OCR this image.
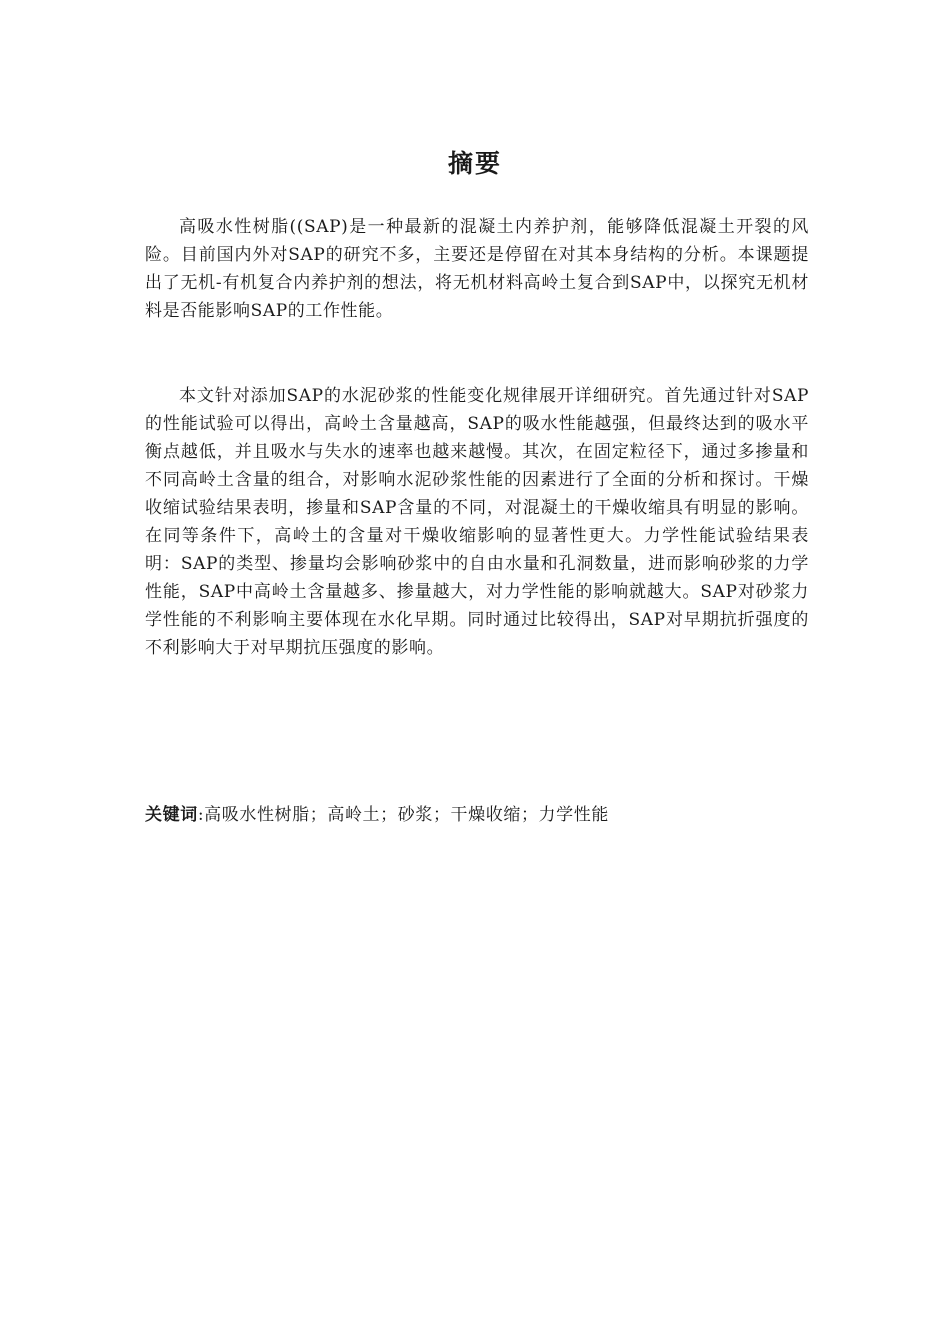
摘要

高吸水性树脂((SAP)是一种最新的混凝土内养护剂，能够降低混凝土开裂的风险。目前国内外对SAP的研究不多，主要还是停留在对其本身结构的分析。本课题提出了无机-有机复合内养护剂的想法，将无机材料高岭土复合到SAP中，以探究无机材料是否能影响SAP的工作性能。

本文针对添加SAP的水泥砂浆的性能变化规律展开详细研究。首先通过针对SAP的性能试验可以得出，高岭土含量越高，SAP的吸水性能越强，但最终达到的吸水平衡点越低，并且吸水与失水的速率也越来越慢。其次，在固定粒径下，通过多掺量和不同高岭土含量的组合，对影响水泥砂浆性能的因素进行了全面的分析和探讨。干燥收缩试验结果表明，掺量和SAP含量的不同，对混凝土的干燥收缩具有明显的影响。在同等条件下，高岭土的含量对干燥收缩影响的显著性更大。力学性能试验结果表明：SAP的类型、掺量均会影响砂浆中的自由水量和孔洞数量，进而影响砂浆的力学性能，SAP中高岭土含量越多、掺量越大，对力学性能的影响就越大。SAP对砂浆力学性能的不利影响主要体现在水化早期。同时通过比较得出，SAP对早期抗折强度的不利影响大于对早期抗压强度的影响。

关键词:高吸水性树脂；高岭土；砂浆；干燥收缩；力学性能
